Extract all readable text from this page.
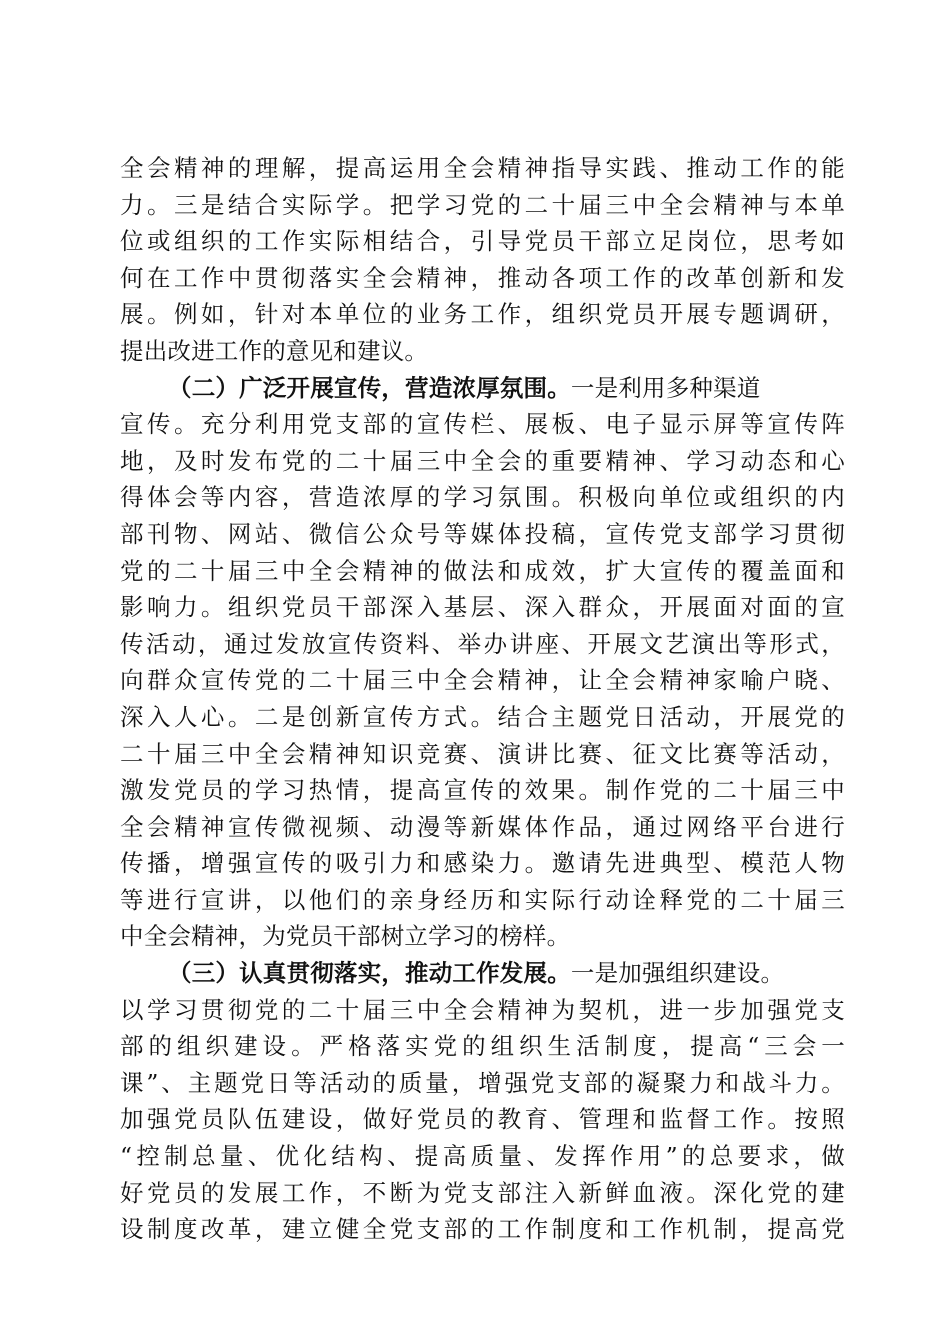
全会精神的理解，提高运用全会精神指导实践、推动工作的能
力。三是结合实际学。把学习党的二十届三中全会精神与本单
位或组织的工作实际相结合，引导党员干部立足岗位，思考如
何在工作中贯彻落实全会精神，推动各项工作的改革创新和发
展。例如，针对本单位的业务工作，组织党员开展专题调研，
提出改进工作的意见和建议。
（二）广泛开展宣传，营造浓厚氛围。一是利用多种渠道
宣传。充分利用党支部的宣传栏、展板、电子显示屏等宣传阵
地，及时发布党的二十届三中全会的重要精神、学习动态和心
得体会等内容，营造浓厚的学习氛围。积极向单位或组织的内
部刊物、网站、微信公众号等媒体投稿，宣传党支部学习贯彻
党的二十届三中全会精神的做法和成效，扩大宣传的覆盖面和
影响力。组织党员干部深入基层、深入群众，开展面对面的宣
传活动，通过发放宣传资料、举办讲座、开展文艺演出等形式，
向群众宣传党的二十届三中全会精神，让全会精神家喻户晓、
深入人心。二是创新宣传方式。结合主题党日活动，开展党的
二十届三中全会精神知识竞赛、演讲比赛、征文比赛等活动，
激发党员的学习热情，提高宣传的效果。制作党的二十届三中
全会精神宣传微视频、动漫等新媒体作品，通过网络平台进行
传播，增强宣传的吸引力和感染力。邀请先进典型、模范人物
等进行宣讲，以他们的亲身经历和实际行动诠释党的二十届三
中全会精神，为党员干部树立学习的榜样。
（三）认真贯彻落实，推动工作发展。一是加强组织建设。
以学习贯彻党的二十届三中全会精神为契机，进一步加强党支
部的组织建设。严格落实党的组织生活制度，提高“三会一
课”、主题党日等活动的质量，增强党支部的凝聚力和战斗力。
加强党员队伍建设，做好党员的教育、管理和监督工作。按照
“控制总量、优化结构、提高质量、发挥作用”的总要求，做
好党员的发展工作，不断为党支部注入新鲜血液。深化党的建
设制度改革，建立健全党支部的工作制度和工作机制，提高党
